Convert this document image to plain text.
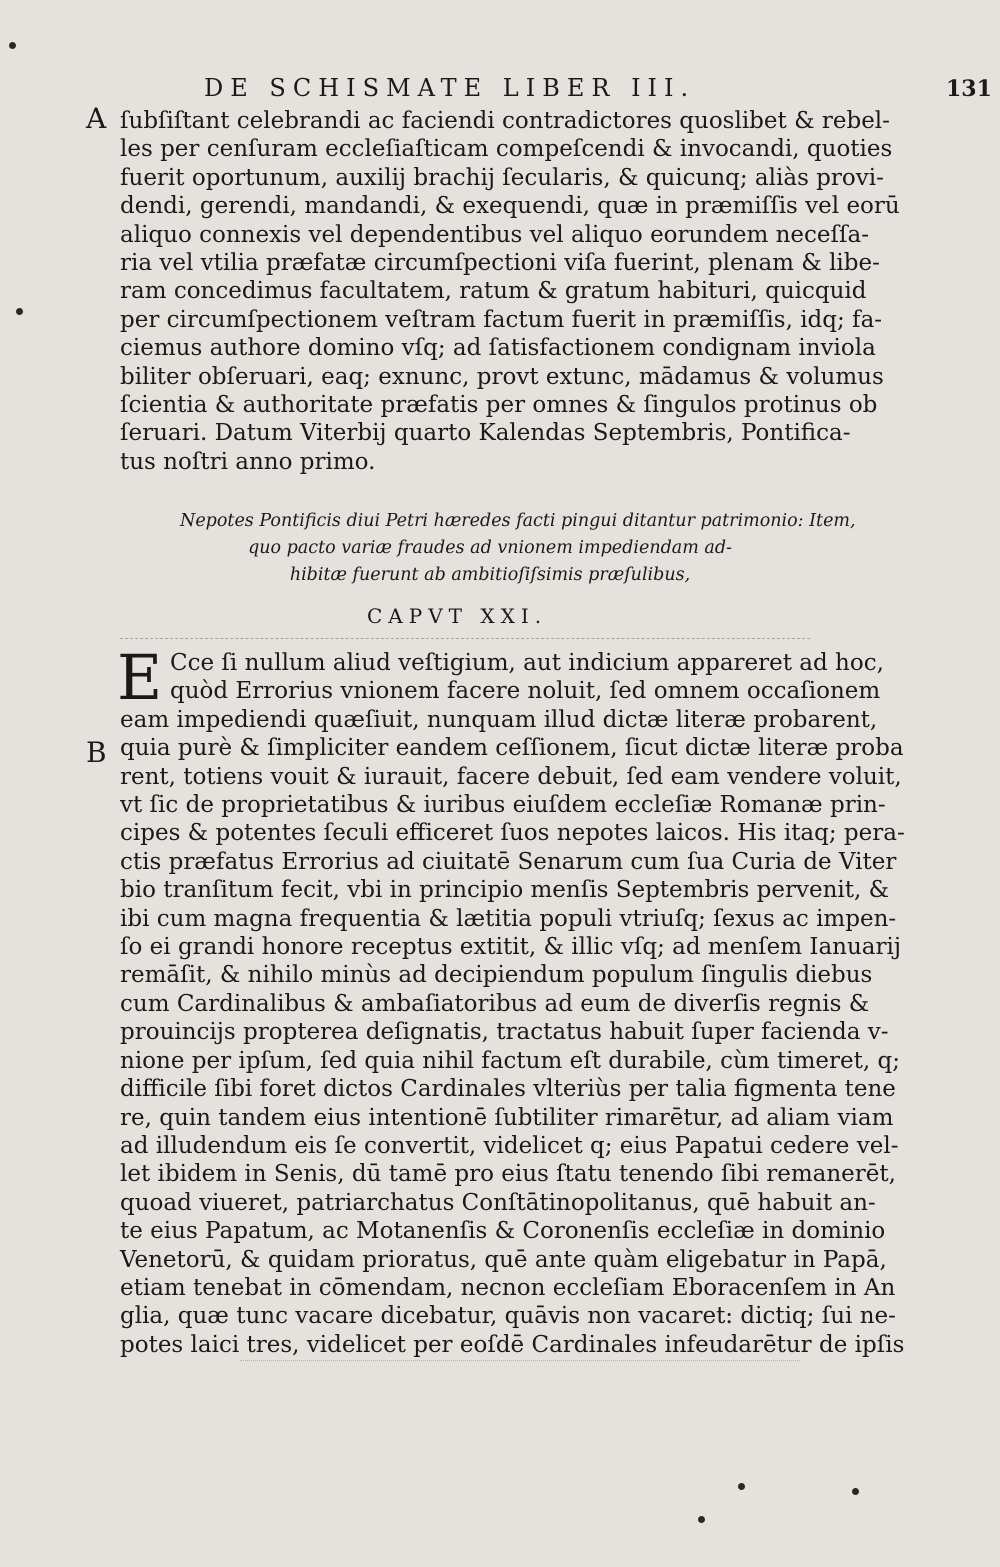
DE SCHISMATE LIBER III.	131
A
B
ſubſiſtant celebrandi ac faciendi contradictores quoslibet & rebel-
les per cenſuram eccleſiaſticam compeſcendi & invocandi, quoties
fuerit oportunum, auxilij brachij ſecularis, & quicunq; aliàs provi-
dendi, gerendi, mandandi, & exequendi, quæ in præmiſſis vel eorū
aliquo connexis vel dependentibus vel aliquo eorundem neceſſa-
ria vel vtilia præfatæ circumſpectioni viſa fuerint, plenam & libe-
ram concedimus facultatem, ratum & gratum habituri, quicquid
per circumſpectionem veſtram factum fuerit in præmiſſis, idq; fa-
ciemus authore domino vſq; ad ſatisfactionem condignam inviola
biliter obſeruari, eaq; exnunc, provt extunc, mādamus & volumus
ſcientia & authoritate præfatis per omnes & ſingulos protinus ob
ſeruari. Datum Viterbij quarto Kalendas Septembris, Pontifica-
tus noſtri anno primo.
Nepotes Pontificis diui Petri hæredes facti pingui ditantur patrimonio: Item,
quo pacto variæ fraudes ad vnionem impediendam ad-
hibitæ fuerunt ab ambitioſiſsimis præſulibus,
CAPVT XXI.
E Cce ſi nullum aliud veſtigium, aut indicium appareret ad hoc,
quòd Errorius vnionem facere noluit, ſed omnem occaſionem
eam impediendi quæſiuit, nunquam illud dictæ literæ probarent,
quia purè & ſimpliciter eandem ceſſionem, ſicut dictæ literæ proba
rent, totiens vouit & iurauit, facere debuit, ſed eam vendere voluit,
vt ſic de proprietatibus & iuribus eiuſdem eccleſiæ Romanæ prin-
cipes & potentes ſeculi efficeret ſuos nepotes laicos. His itaq; pera-
ctis præfatus Errorius ad ciuitatē Senarum cum ſua Curia de Viter
bio tranſitum fecit, vbi in principio menſis Septembris pervenit, &
ibi cum magna frequentia & lætitia populi vtriuſq; ſexus ac impen-
ſo ei grandi honore receptus extitit, & illic vſq; ad menſem Ianuarij
remāſit, & nihilo minùs ad decipiendum populum ſingulis diebus
cum Cardinalibus & ambaſiatoribus ad eum de diverſis regnis &
prouincijs propterea deſignatis, tractatus habuit ſuper facienda v-
nione per ipſum, ſed quia nihil factum eſt durabile, cùm timeret, q;
difficile ſibi foret dictos Cardinales vlteriùs per talia figmenta tene
re, quin tandem eius intentionē ſubtiliter rimarētur, ad aliam viam
ad illudendum eis ſe convertit, videlicet q; eius Papatui cedere vel-
let ibidem in Senis, dū tamē pro eius ſtatu tenendo ſibi remanerēt,
quoad viueret, patriarchatus Conſtātinopolitanus, quē habuit an-
te eius Papatum, ac Motanenſis & Coronenſis eccleſiæ in dominio
Venetorū, & quidam prioratus, quē ante quàm eligebatur in Papā,
etiam tenebat in cōmendam, necnon eccleſiam Eboracenſem in An
glia, quæ tunc vacare dicebatur, quāvis non vacaret: dictiq; ſui ne-
potes laici tres, videlicet per eoſdē Cardinales infeudarētur de ipſis
